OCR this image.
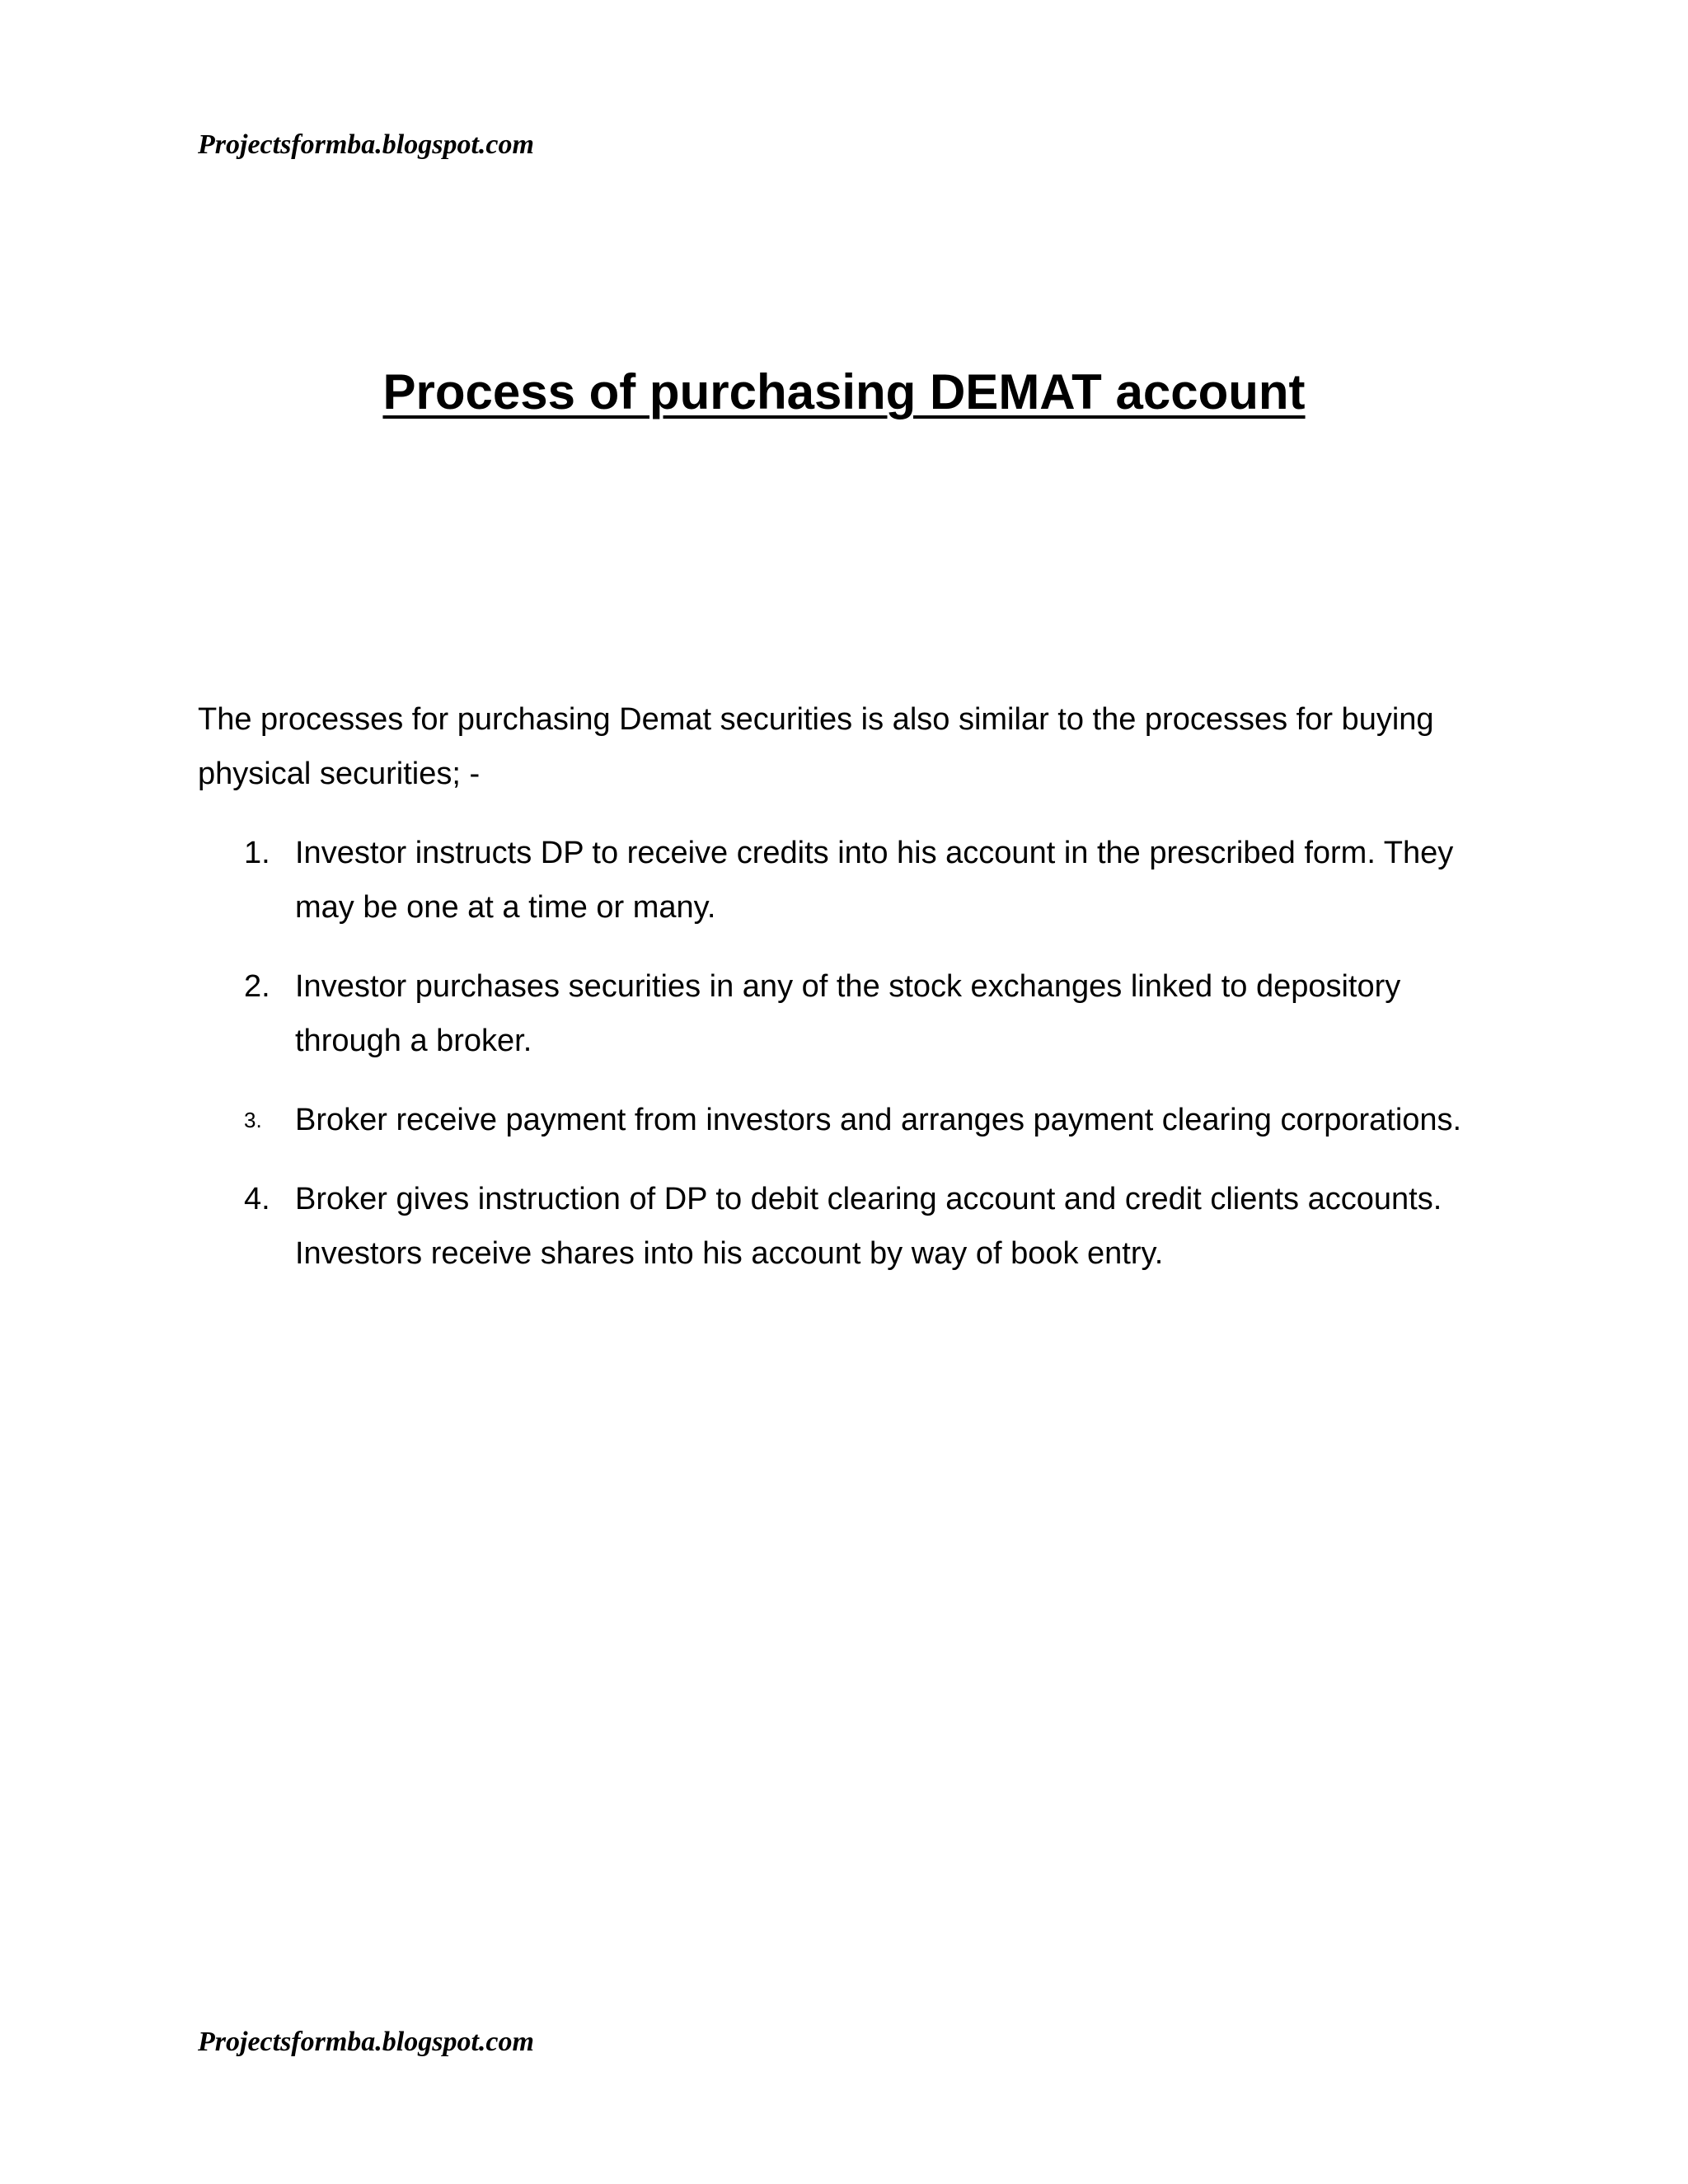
Projectsformba.blogspot.com
Process of purchasing DEMAT account

The processes for purchasing Demat securities is also similar to the processes for buying physical securities; -

1. Investor instructs DP to receive credits into his account in the prescribed form. They may be one at a time or many.
2. Investor purchases securities in any of the stock exchanges linked to depository through a broker.
3.	Broker receive payment from investors and arranges payment clearing corporations.
4. Broker gives instruction of DP to debit clearing account and credit clients accounts. Investors receive shares into his account by way of book entry.
Projectsformba.blogspot.com
